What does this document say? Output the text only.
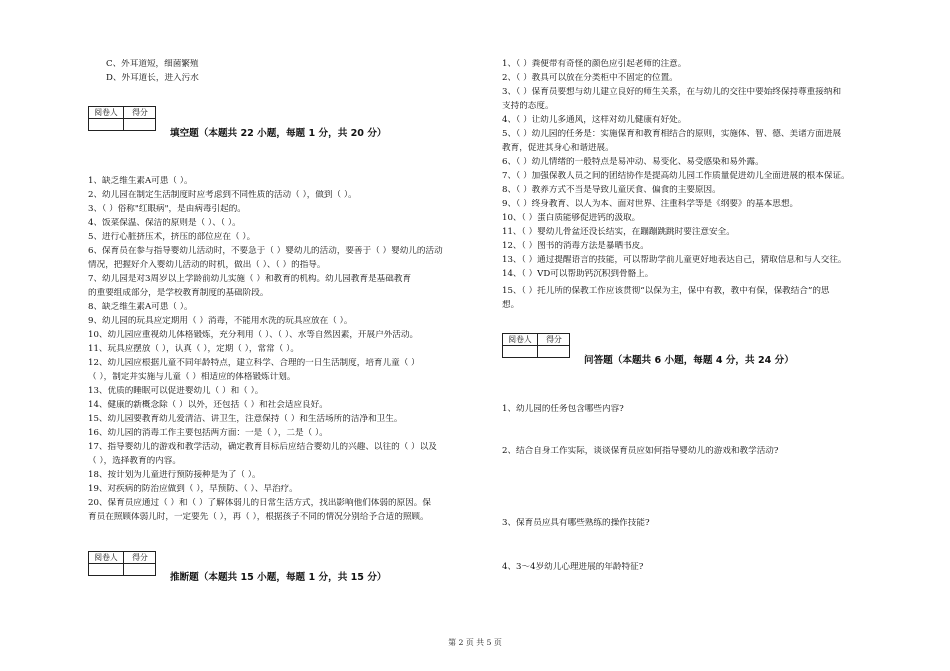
C、外耳道短，细菌繁殖
D、外耳道长，进入污水
阅卷人	得分
填空题（本题共 22 小题，每题 1 分，共 20 分）
1、缺乏维生素A可患（ ）。
2、幼儿园在制定生活制度时应考虑到不同性质的活动（ ），做到（ ）。
3、（ ）俗称"红眼病"，是由病毒引起的。
4、饭菜保温、保洁的原则是（ ）、（ ）。
5、进行心脏挤压术，挤压的部位应在（ ）。
6、保育员在参与指导婴幼儿活动时，不要急于（ ）婴幼儿的活动，要善于（ ）婴幼儿的活动
情况，把握好介入婴幼儿活动的时机，做出（ ）、（ ）的指导。
7、幼儿园是对3周岁以上学龄前幼儿实施（ ）和教育的机构。幼儿园教育是基础教育
的重要组成部分，是学校教育制度的基础阶段。
8、缺乏维生素A可患（ ）。
9、幼儿园的玩具应定期用（ ）消毒，不能用水洗的玩具应放在（ ）。
10、幼儿园应重视幼儿体格锻炼，充分利用（ ）、（ ）、水等自然因素，开展户外活动。
11、玩具应摆放（ ），认真（ ），定期（ ），常常（ ）。
12、幼儿园应根据儿童不同年龄特点，建立科学、合理的一日生活制度，培育儿童（ ）
（ ），制定并实施与儿童（ ）相适应的体格锻炼计划。
13、优质的睡眠可以促进婴幼儿（ ）和（ ）。
14、健康的新概念除（ ）以外，还包括（ ）和社会适应良好。
15、幼儿园要教育幼儿爱清洁、讲卫生，注意保持（ ）和生活场所的洁净和卫生。
16、幼儿园的消毒工作主要包括两方面：一是（ ），二是（ ）。
17、指导婴幼儿的游戏和教学活动，确定教育目标后应结合婴幼儿的兴趣、以往的（ ）以及
（ ），选择教育的内容。
18、按计划为儿童进行预防接种是为了（ ）。
19、对疾病的防治应做到（ ），早预防、（ ）、早治疗。
20、保育员应通过（ ）和（ ）了解体弱儿的日常生活方式，找出影响他们体弱的原因。保
育员在照顾体弱儿时，一定要先（ ），再（ ），根据孩子不同的情况分别给予合适的照顾。
阅卷人	得分
推断题（本题共 15 小题，每题 1 分，共 15 分）
1、（ ）粪便带有奇怪的颜色应引起老师的注意。
2、（ ）教具可以放在分类柜中不固定的位置。
3、（ ）保育员要想与幼儿建立良好的师生关系，在与幼儿的交往中要始终保持尊重接纳和
支持的态度。
4、（ ）让幼儿多通风，这样对幼儿健康有好处。
5、（ ）幼儿园的任务是：实施保育和教育相结合的原则，实施体、智、德、美诸方面进展
教育，促进其身心和谐进展。
6、（ ）幼儿情绪的一般特点是易冲动、易变化、易受感染和易外露。
7、（ ）加强保教人员之间的团结协作是提高幼儿园工作质量促进幼儿全面进展的根本保证。
8、（ ）教养方式不当是导致儿童厌食、偏食的主要原因。
9、（ ）终身教育、以人为本、面对世界、注重科学等是《纲要》的基本思想。
10、（ ）蛋白质能够促进钙的汲取。
11、（ ）婴幼儿骨盆还没长结实，在蹦蹦跳跳时要注意安全。
12、（ ）图书的消毒方法是暴晒书皮。
13、（ ）通过提醒语言的技能，可以帮助学前儿童更好地表达自己，猜取信息和与人交往。
14、（ ）VD可以帮助钙沉积到骨骼上。
15、（ ）托儿所的保教工作应该贯彻“以保为主，保中有教，教中有保，保教结合”的思
想。
阅卷人	得分
问答题（本题共 6 小题，每题 4 分，共 24 分）
1、幼儿园的任务包含哪些内容?
2、结合自身工作实际，谈谈保育员应如何指导婴幼儿的游戏和教学活动?
3、保育员应具有哪些熟练的操作技能?
4、3～4岁幼儿心理进展的年龄特征?
第 2 页 共 5 页
